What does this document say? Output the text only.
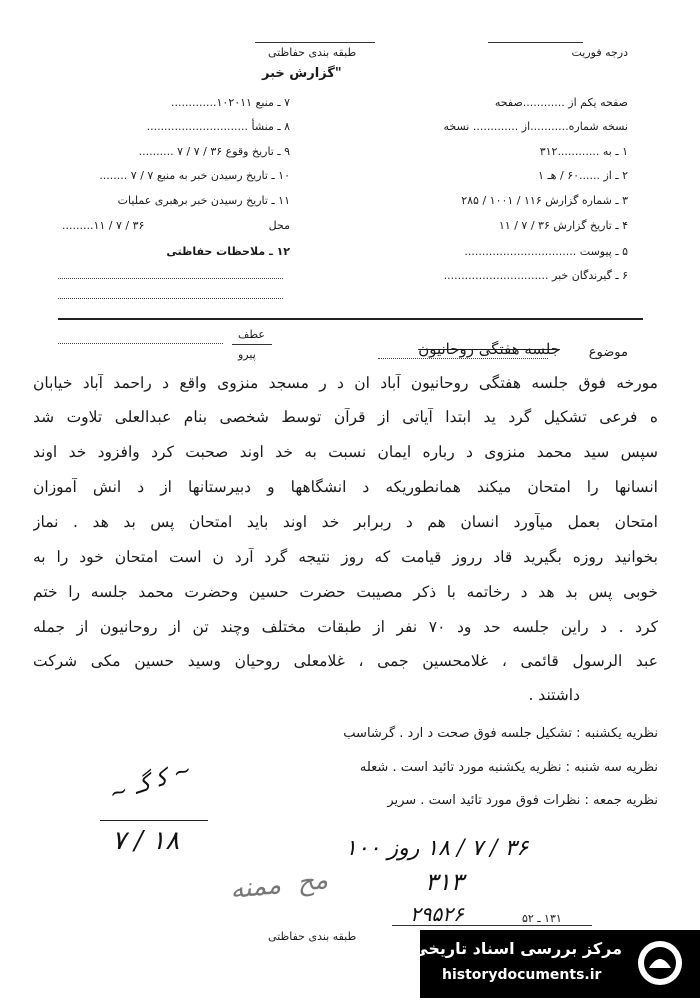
درجه فوریت
طبقه بندی حفاظتی
"گزارش خبر
صفحه یکم از ............صفحه
نسخه شماره...........از ............. نسخه
۱ ـ به ............۳۱۲
۲ ـ از ......۶۰ / هـ ۱
۳ ـ شماره گزارش ۱۱۶ / ۱۰۰۱ / ۲۸۵
۴ ـ تاریخ گزارش ۳۶ / ۷ / ۱۱
۵ ـ پیوست ................................
۶ ـ گیرندگان خبر ..............................
۷ ـ منبع ۱۰۲۰۱۱.............
۸ ـ منشأ .............................
۹ ـ تاریخ وقوع ۳۶ / ۷ / ۷ ..........
۱۰ ـ تاریخ رسیدن خبر به منبع ۷ / ۷ ........
۱۱ ـ تاریخ رسیدن خبر برهبری عملیات
محل
۳۶ / ۷ / ۱۱.........
۱۲ ـ ملاحظات حفاظتی
موضوع
جلسه هفتگی روحانیون
عطف
پیرو
مورخه فوق جلسه هفتگی روحانیون آباد ان د ر مسجد منزوی واقع د راحمد آباد خیابان
ه فرعی تشکیل گرد ید ابتدا آیاتی از قرآن توسط شخصی بنام عبدالعلی تلاوت شد
سپس سید محمد منزوی د رباره ایمان نسبت به خد اوند صحبت کرد وافزود خد اوند
انسانها را امتحان میکند همانطوریکه د انشگاهها و دبیرستانها از د انش آموزان
امتحان بعمل میآورد انسان هم د ربرابر خد اوند باید امتحان پس بد هد . نماز
بخوانید روزه بگیرید قاد رروز قیامت که روز نتیجه گرد آرد ن است امتحان خود را به
خوبی پس بد هد د رخاتمه با ذکر مصیبت حضرت حسین وحضرت محمد جلسه را ختم
کرد . د راین جلسه حد ود ۷۰ نفر از طبقات مختلف وچند تن از روحانیون از جمله
عبد الرسول قائمی ، غلامحسین جمی ، غلامعلی روحیان وسید حسین مکی شرکت
داشتند .
نظریه یکشنبه : تشکیل جلسه فوق صحت د ارد . گرشاسب
نظریه سه شنبه : نظریه یکشنبه مورد تائید است . شعله
نظریه جمعه : نظرات فوق مورد تائید است . سریر
~ ﻛ ﮔـ ~
۷ / ۱۸	۳۶ / ۷ / ۱۸ روز ۱۰۰
۳۱۳
مح ‌ ممنه
۲۹۵۲۶	۱۳۱ ـ ۵۲
طبقه بندی حفاظتی
مرکز بررسی اسناد تاریخی
historydocuments.ir
